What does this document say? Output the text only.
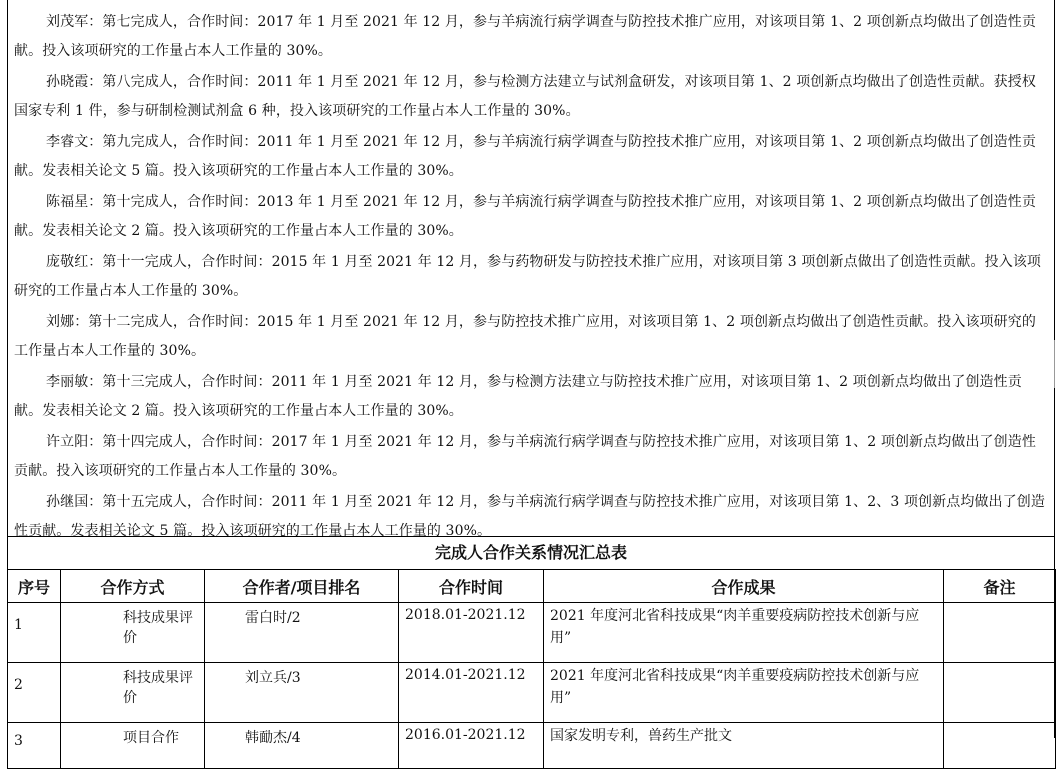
刘茂军：第七完成人，合作时间：2017 年 1 月至 2021 年 12 月，参与羊病流行病学调查与防控技术推广应用，对该项目第 1、2 项创新点均做出了创造性贡献。投入该项研究的工作量占本人工作量的 30%。

孙晓霞：第八完成人，合作时间：2011 年 1 月至 2021 年 12 月，参与检测方法建立与试剂盒研发，对该项目第 1、2 项创新点均做出了创造性贡献。获授权国家专利 1 件，参与研制检测试剂盒 6 种，投入该项研究的工作量占本人工作量的 30%。

李睿文：第九完成人，合作时间：2011 年 1 月至 2021 年 12 月，参与羊病流行病学调查与防控技术推广应用，对该项目第 1、2 项创新点均做出了创造性贡献。发表相关论文 5 篇。投入该项研究的工作量占本人工作量的 30%。

陈福星：第十完成人，合作时间：2013 年 1 月至 2021 年 12 月，参与羊病流行病学调查与防控技术推广应用，对该项目第 1、2 项创新点均做出了创造性贡献。发表相关论文 2 篇。投入该项研究的工作量占本人工作量的 30%。

庞敬红：第十一完成人，合作时间：2015 年 1 月至 2021 年 12 月，参与药物研发与防控技术推广应用，对该项目第 3 项创新点做出了创造性贡献。投入该项研究的工作量占本人工作量的 30%。

刘娜：第十二完成人，合作时间：2015 年 1 月至 2021 年 12 月，参与防控技术推广应用，对该项目第 1、2 项创新点均做出了创造性贡献。投入该项研究的工作量占本人工作量的 30%。

李丽敏：第十三完成人，合作时间：2011 年 1 月至 2021 年 12 月，参与检测方法建立与防控技术推广应用，对该项目第 1、2 项创新点均做出了创造性贡献。发表相关论文 2 篇。投入该项研究的工作量占本人工作量的 30%。

许立阳：第十四完成人，合作时间：2017 年 1 月至 2021 年 12 月，参与羊病流行病学调查与防控技术推广应用，对该项目第 1、2 项创新点均做出了创造性贡献。投入该项研究的工作量占本人工作量的 30%。

孙继国：第十五完成人，合作时间：2011 年 1 月至 2021 年 12 月，参与羊病流行病学调查与防控技术推广应用，对该项目第 1、2、3 项创新点均做出了创造性贡献。发表相关论文 5 篇。投入该项研究的工作量占本人工作量的 30%。

完成人合作关系情况汇总表
序号	合作方式	合作者/项目排名	合作时间	合作成果	备注
1	科技成果评价	雷白时/2	2018.01-2021.12	2021 年度河北省科技成果“肉羊重要疫病防控技术创新与应用”	
2	科技成果评价	刘立兵/3	2014.01-2021.12	2021 年度河北省科技成果“肉羊重要疫病防控技术创新与应用”	
3	项目合作	韩勔杰/4	2016.01-2021.12	国家发明专利，兽药生产批文	
